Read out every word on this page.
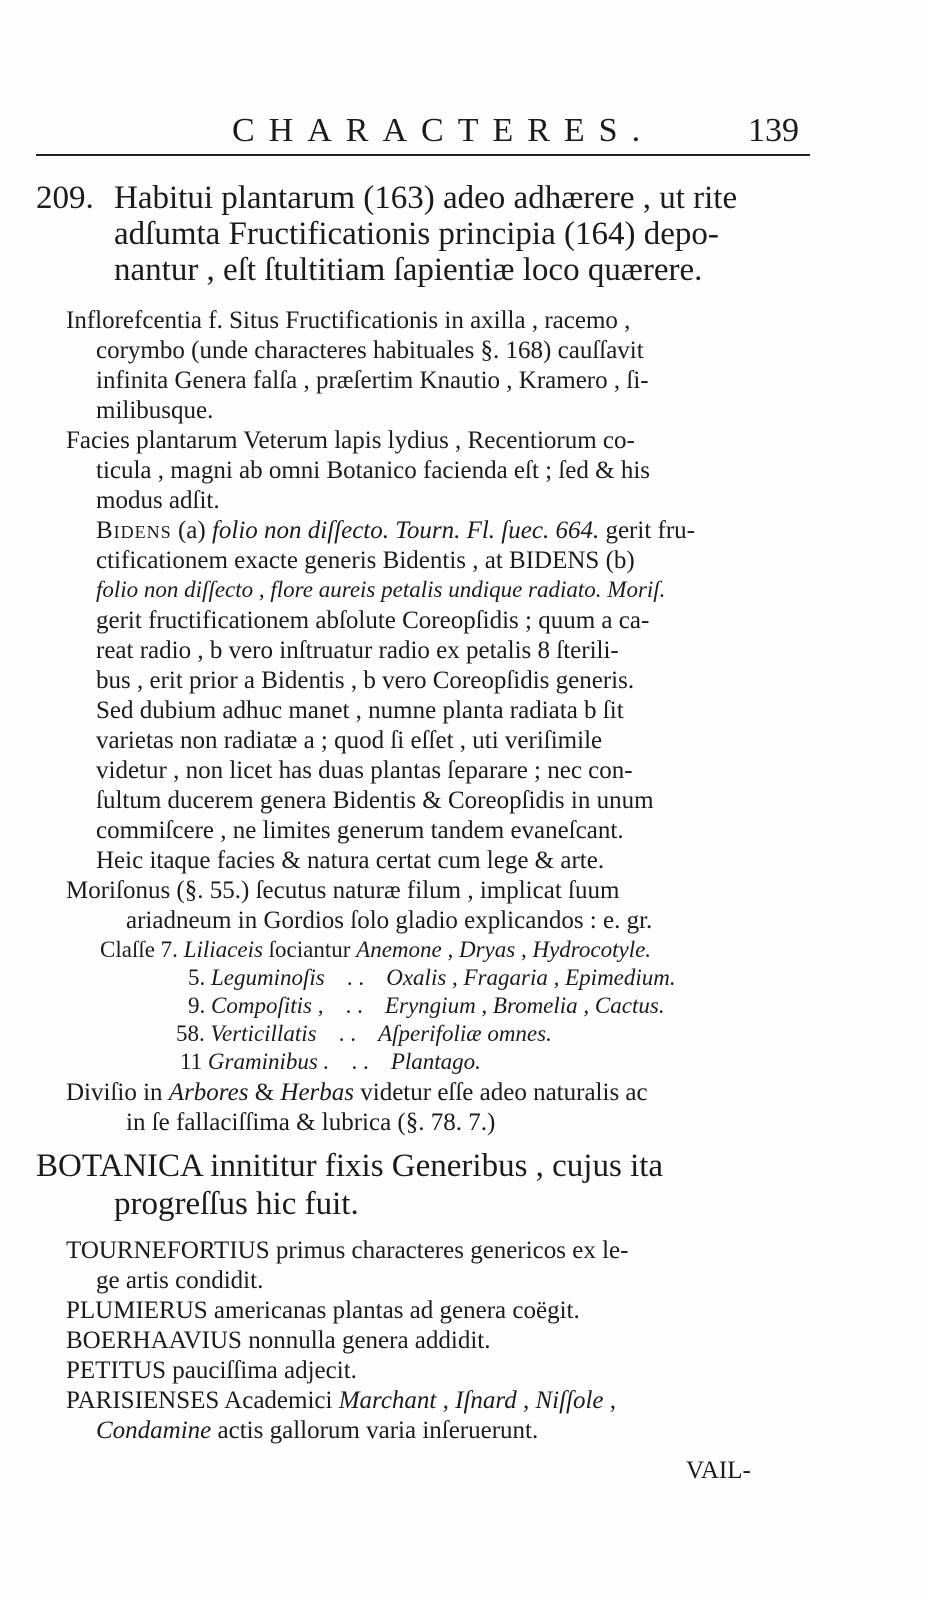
CHARACTERES.	139
209. Habitui plantarum (163) adeo adhærere , ut rite
adſumta Fructificationis principia (164) depo-
nantur , eſt ſtultitiam ſapientiæ loco quærere.
Inflorefcentia f. Situs Fructificationis in axilla , racemo ,
corymbo (unde characteres habituales §. 168) cauſſavit
infinita Genera falſa , præſertim Knautio , Kramero , ſi-
milibusque.
Facies plantarum Veterum lapis lydius , Recentiorum co-
ticula , magni ab omni Botanico facienda eſt ; ſed & his
modus adſit.
Bidens (a) folio non diſſecto. Tourn. Fl. ſuec. 664. gerit fru-
ctificationem exacte generis Bidentis , at BIDENS (b)
folio non diſſecto , flore aureis petalis undique radiato. Moriſ.
gerit fructificationem abſolute Coreopſidis ; quum a ca-
reat radio , b vero inſtruatur radio ex petalis 8 ſterili-
bus , erit prior a Bidentis , b vero Coreopſidis generis.
Sed dubium adhuc manet , numne planta radiata b ſit
varietas non radiatæ a ; quod ſi eſſet , uti veriſimile
videtur , non licet has duas plantas ſeparare ; nec con-
ſultum ducerem genera Bidentis & Coreopſidis in unum
commiſcere , ne limites generum tandem evaneſcant.
Heic itaque facies & natura certat cum lege & arte.
Moriſonus (§. 55.) ſecutus naturæ filum , implicat ſuum
ariadneum in Gordios ſolo gladio explicandos : e. gr.
Claſſe 7. Liliaceis ſociantur Anemone , Dryas , Hydrocotyle.
5. Leguminoſis . . Oxalis , Fragaria , Epimedium.
9. Compoſitis , . . Eryngium , Bromelia , Cactus.
58. Verticillatis . . Aſperifoliæ omnes.
11 Graminibus . . . Plantago.
Diviſio in Arbores & Herbas videtur eſſe adeo naturalis ac
in ſe fallaciſſima & lubrica (§. 78. 7.)
BOTANICA innititur fixis Generibus , cujus ita
progreſſus hic fuit.
TOURNEFORTIUS primus characteres genericos ex le-
ge artis condidit.
PLUMIERUS americanas plantas ad genera coëgit.
BOERHAAVIUS nonnulla genera addidit.
PETITUS pauciſſima adjecit.
PARISIENSES Academici Marchant , Iſnard , Niſſole ,
Condamine actis gallorum varia inſeruerunt.
VAIL-
